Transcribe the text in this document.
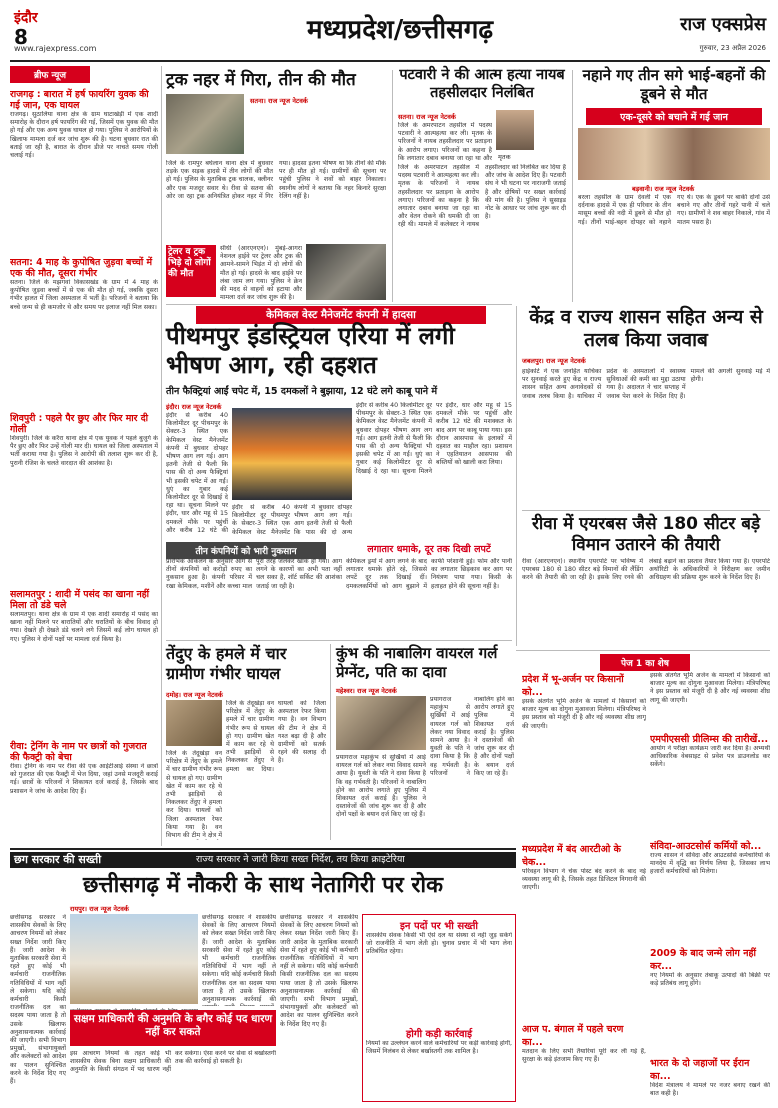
इंदौर
8
www.rajexpress.com
मध्यप्रदेश/छत्तीसगढ़	राज एक्सप्रेस
गुरुवार, 23 अप्रैल 2026
ब्रीफ न्यूज
राजगढ़ : बारात में हर्ष फायरिंग युवक की गई जान, एक घायल
राजगढ़। सुठालिया थाना क्षेत्र के ग्राम घाटाखेड़ी में एक शादी समारोह के दौरान हर्ष फायरिंग की गई, जिसमें एक युवक की मौत हो गई और एक अन्य युवक घायल हो गया। पुलिस ने आरोपियों के खिलाफ मामला दर्ज कर जांच शुरू की है। घटना बुधवार रात की बताई जा रही है, बारात के दौरान डीजे पर नाचते समय गोली चलाई गई।
सतना: 4 माह के कुपोषित जुड़वा बच्चों में एक की मौत, दूसरा गंभीर
सतना। जिले के मझगवां विकासखंड के ग्राम में 4 माह के कुपोषित जुड़वा बच्चों में से एक की मौत हो गई, जबकि दूसरा गंभीर हालत में जिला अस्पताल में भर्ती है। परिजनों ने बताया कि बच्चे जन्म से ही कमजोर थे और समय पर इलाज नहीं मिल सका।
शिवपुरी : पहले पैर छुए और फिर मार दी गोली
शिवपुरी। जिले के करैरा थाना क्षेत्र में एक युवक ने पहले बुजुर्ग के पैर छुए और फिर उन्हें गोली मार दी। घायल को जिला अस्पताल में भर्ती कराया गया है। पुलिस ने आरोपी की तलाश शुरू कर दी है, पुरानी रंजिश के चलते वारदात की आशंका है।
सलामतपुर : शादी में पसंद का खाना नहीं मिला तो डंडे चले
सलामतपुर। थाना क्षेत्र के ग्राम में एक शादी समारोह में पसंद का खाना नहीं मिलने पर बारातियों और घरातियों के बीच विवाद हो गया। देखते ही देखते डंडे चलने लगे जिसमें कई लोग घायल हो गए। पुलिस ने दोनों पक्षों पर मामला दर्ज किया है।
रीवा: ट्रेनिंग के नाम पर छात्रों को गुजरात की फैक्ट्री को बेचा
रीवा। ट्रेनिंग के नाम पर रीवा की एक आईटीआई संस्था ने छात्रों को गुजरात की एक फैक्ट्री में भेज दिया, जहां उनसे मजदूरी कराई गई। छात्रों के परिजनों ने शिकायत दर्ज कराई है, जिसके बाद प्रशासन ने जांच के आदेश दिए हैं।
ट्रक नहर में गिरा, तीन की मौत
सतना। राज न्यूज नेटवर्क
जिले के रामपुर बघेलान थाना क्षेत्र में बुधवार तड़के एक सड़क हादसे में तीन लोगों की मौत हो गई। पुलिस के मुताबिक ट्रक चालक, क्लीनर और एक मजदूर सवार थे। रीवा से सतना की ओर जा रहा ट्रक अनियंत्रित होकर नहर में गिर गया। हादसा इतना भीषण था कि तीनों की मौके पर ही मौत हो गई। ग्रामीणों की सूचना पर पहुंची पुलिस ने शवों को बाहर निकाला। स्थानीय लोगों ने बताया कि नहर किनारे सुरक्षा रेलिंग नहीं है।
ट्रेलर व ट्रक भिड़े दो लोगों की मौत
सीधी (आरएनएन)। मुंबई-आगरा नेशनल हाईवे पर ट्रेलर और ट्रक की आमने-सामने भिड़ंत में दो लोगों की मौत हो गई। हादसे के बाद हाईवे पर लंबा जाम लग गया। पुलिस ने क्रेन की मदद से वाहनों को हटाया और मामला दर्ज कर जांच शुरू की है।
पटवारी ने की आत्म हत्या नायब तहसीलदार निलंबित
सतना। राज न्यूज नेटवर्क
मृतक
जिले के अमरपाटन तहसील में पदस्थ पटवारी ने आत्महत्या कर ली। मृतक के परिजनों ने नायब तहसीलदार पर प्रताड़ना के आरोप लगाए। परिजनों का कहना है कि लगातार दबाव बनाया जा रहा था और
जिले के अमरपाटन तहसील में पदस्थ पटवारी ने आत्महत्या कर ली। मृतक के परिजनों ने नायब तहसीलदार पर प्रताड़ना के आरोप लगाए। परिजनों का कहना है कि लगातार दबाव बनाया जा रहा था और वेतन रोकने की धमकी दी जा रही थी। मामले में कलेक्टर ने नायब तहसीलदार को निलंबित कर दिया है और जांच के आदेश दिए हैं। पटवारी संघ ने भी घटना पर नाराजगी जताई है और दोषियों पर सख्त कार्रवाई की मांग की है। पुलिस ने सुसाइड नोट के आधार पर जांच शुरू कर दी है।
नहाने गए तीन सगे भाई-बहनों की डूबने से मौत
एक-दूसरे को बचाने में गई जान
बड़वानी। राज न्यूज नेटवर्क
बरला तहसील के ग्राम देवली में एक दर्दनाक हादसे में एक ही परिवार के तीन मासूम बच्चों की नदी में डूबने से मौत हो गई। तीनों भाई-बहन दोपहर को नहाने गए थे। एक के डूबने पर बाकी दोनों उसे बचाने गए और तीनों गहरे पानी में चले गए। ग्रामीणों ने शव बाहर निकाले, गांव में मातम पसरा है।
केमिकल वेस्ट मैनेजमेंट कंपनी में हादसा
पीथमपुर इंडस्ट्रियल एरिया में लगी भीषण आग, रही दहशत
तीन फैक्ट्रियां आईं चपेट में, 15 दमकलों ने बुझाया, 12 घंटे लगे काबू पाने में
इंदौर। राज न्यूज नेटवर्क
इंदौर से करीब 40 किलोमीटर दूर पीथमपुर के सेक्टर-3 स्थित एक केमिकल वेस्ट मैनेजमेंट कंपनी में बुधवार दोपहर भीषण आग लग गई। आग इतनी तेजी से फैली कि पास की दो अन्य फैक्ट्रियां भी इसकी चपेट में आ गईं। धुएं का गुबार कई किलोमीटर दूर से दिखाई दे रहा था। सूचना मिलने पर इंदौर, धार और महू से 15 दमकलें मौके पर पहुंचीं और करीब 12 घंटे की
इंदौर से करीब 40 किलोमीटर दूर पीथमपुर के सेक्टर-3 स्थित एक केमिकल वेस्ट मैनेजमेंट कंपनी में बुधवार दोपहर भीषण आग लग गई। आग इतनी तेजी से फैली कि पास की दो अन्य
इंदौर से करीब 40 किलोमीटर दूर पीथमपुर के सेक्टर-3 स्थित एक केमिकल वेस्ट मैनेजमेंट कंपनी में बुधवार दोपहर भीषण आग लग गई। आग इतनी तेजी से फैली कि पास की दो अन्य फैक्ट्रियां भी इसकी चपेट में आ गईं। धुएं का गुबार कई किलोमीटर दूर से दिखाई दे रहा था। सूचना मिलने पर इंदौर, धार और महू से 15 दमकलें मौके पर पहुंचीं और करीब 12 घंटे की मशक्कत के बाद आग पर काबू पाया गया। इस दौरान आसपास के इलाकों में दहशत का माहौल रहा। प्रशासन ने एहतियातन आसपास की बस्तियों को खाली करा लिया।
तीन कंपनियों को भारी नुकसान
प्रारंभिक आंकलन के अनुसार आग से तीनों कंपनियों को करोड़ों रुपए का नुकसान हुआ है। कंपनी परिसर में रखा केमिकल, मशीनें और कच्चा माल पूरी तरह जलकर खाक हो गया। आग लगने के कारणों का अभी पता नहीं चल सका है, शॉर्ट सर्किट की आशंका जताई जा रही है।
लगातार धमाके, दूर तक दिखी लपटें
केमिकल ड्रमों में आग लगने के बाद लगातार धमाके होते रहे, जिससे लपटें दूर तक दिखाई दीं। दमकलकर्मियों को आग बुझाने में काफी परेशानी हुई। फोम और पानी का लगातार छिड़काव कर आग पर नियंत्रण पाया गया। किसी के हताहत होने की सूचना नहीं है।
केंद्र व राज्य शासन सहित अन्य से तलब किया जवाब
जबलपुर। राज न्यूज नेटवर्क
हाईकोर्ट ने एक जनहित याचिका पर सुनवाई करते हुए केंद्र व राज्य शासन सहित अन्य अनावेदकों से जवाब तलब किया है। याचिका में प्रदेश के अस्पतालों में स्वास्थ्य सुविधाओं की कमी का मुद्दा उठाया गया है। अदालत ने चार सप्ताह में जवाब पेश करने के निर्देश दिए हैं। मामले की अगली सुनवाई मई में होगी।
रीवा में एयरबस जैसे 180 सीटर बड़े विमान उतारने की तैयारी
रीवा (आरएनएन)। स्थानीय एयरपोर्ट पर भविष्य में एयरबस 180 से 180 सीटर बड़े विमानों की लैंडिंग करने की तैयारी की जा रही है। इसके लिए रनवे की लंबाई बढ़ाने का प्रस्ताव तैयार किया गया है। एयरपोर्ट अथॉरिटी के अधिकारियों ने निरीक्षण कर जमीन अधिग्रहण की प्रक्रिया शुरू करने के निर्देश दिए हैं।
तेंदुए के हमले में चार ग्रामीण गंभीर घायल
दमोह। राज न्यूज नेटवर्क
जिले के तेंदूखेड़ा वन परिक्षेत्र में तेंदुए के हमले में चार ग्रामीण गंभीर रूप से घायल हो गए। ग्रामीण खेत में काम कर रहे थे तभी झाड़ियों से निकलकर तेंदुए ने हमला कर दिया। घायलों को जिला अस्पताल रेफर किया गया है। वन विभाग की टीम ने क्षेत्र में गश्त बढ़ा दी है और ग्रामीणों को सतर्क रहने की सलाह दी है।
जिले के तेंदूखेड़ा वन परिक्षेत्र में तेंदुए के हमले में चार ग्रामीण गंभीर रूप से घायल हो गए। ग्रामीण खेत में काम कर रहे थे तभी झाड़ियों से निकलकर तेंदुए ने हमला कर दिया। घायलों को जिला अस्पताल रेफर किया गया है। वन विभाग की टीम ने क्षेत्र में
कुंभ की नाबालिग वायरल गर्ल प्रेग्नेंट, पति का दावा
महेश्वर। राज न्यूज नेटवर्क
प्रयागराज महाकुंभ से सुर्खियों में आई वायरल गर्ल को लेकर नया विवाद सामने आया है। युवती के पति ने दावा किया है कि वह गर्भवती है। परिजनों ने नाबालिग होने का आरोप लगाते हुए पुलिस में शिकायत दर्ज कराई है। पुलिस ने दस्तावेजों की जांच शुरू कर दी है और दोनों पक्षों के बयान दर्ज किए जा रहे हैं।
प्रयागराज महाकुंभ से सुर्खियों में आई वायरल गर्ल को लेकर नया विवाद सामने आया है। युवती के पति ने दावा किया है कि वह गर्भवती है। परिजनों ने नाबालिग होने का आरोप लगाते हुए पुलिस में शिकायत दर्ज कराई है। पुलिस ने दस्तावेजों की जांच शुरू कर दी है और दोनों पक्षों के बयान दर्ज किए जा रहे हैं।
पेज 1 का शेष
प्रदेश में भू-अर्जन पर किसानों को...
इसके अंतर्गत भूमि अर्जन के मामलों में किसानों को बाजार मूल्य का दोगुना मुआवजा मिलेगा। मंत्रिपरिषद ने इस प्रस्ताव को मंजूरी दी है और नई व्यवस्था शीघ्र लागू की जाएगी।
मध्यप्रदेश में बंद आरटीओ के चेक...
परिवहन विभाग ने चेक पोस्ट बंद करने के बाद नई व्यवस्था लागू की है, जिसके तहत डिजिटल निगरानी की जाएगी।
आज प. बंगाल में पहले चरण का...
मतदान के लिए सभी तैयारियां पूरी कर ली गई हैं, सुरक्षा के कड़े इंतजाम किए गए हैं।
इसके अंतर्गत भूमि अर्जन के मामलों में किसानों को बाजार मूल्य का दोगुना मुआवजा मिलेगा। मंत्रिपरिषद ने इस प्रस्ताव को मंजूरी दी है और नई व्यवस्था शीघ्र लागू की जाएगी।
एमपीएससी प्रीलिम्स की तारीखें...
आयोग ने परीक्षा कार्यक्रम जारी कर दिया है। अभ्यर्थी आधिकारिक वेबसाइट से प्रवेश पत्र डाउनलोड कर सकेंगे।
संविदा-आउटसोर्स कर्मियों को...
राज्य शासन ने संविदा और आउटसोर्स कर्मचारियों के मानदेय में वृद्धि का निर्णय लिया है, जिसका लाभ हजारों कर्मचारियों को मिलेगा।
2009 के बाद जन्मे लोग नहीं कर...
नए नियमों के अनुसार तंबाकू उत्पादों की बिक्री पर कड़े प्रतिबंध लागू होंगे।
भारत के दो जहाजों पर ईरान का...
विदेश मंत्रालय ने मामले पर नजर बनाए रखने की बात कही है।
छग सरकार की सख्ती	राज्य सरकार ने जारी किया सख्त निर्देश, तय किया क्राइटेरिया
छत्तीसगढ़ में नौकरी के साथ नेतागिरी पर रोक
रायपुर। राज न्यूज नेटवर्क
छत्तीसगढ़ सरकार ने शासकीय सेवकों के लिए आचरण नियमों को लेकर सख्त निर्देश जारी किए हैं। जारी आदेश के मुताबिक सरकारी सेवा में रहते हुए कोई भी कर्मचारी राजनीतिक गतिविधियों में भाग नहीं ले सकेगा। यदि कोई कर्मचारी किसी राजनीतिक दल का सदस्य पाया जाता है तो उसके खिलाफ अनुशासनात्मक कार्रवाई की जाएगी। सभी विभाग प्रमुखों, संभागायुक्तों और कलेक्टरों को आदेश का पालन सुनिश्चित करने के निर्देश दिए गए हैं।
सक्षम प्राधिकारी की अनुमति के बगैर कोई पद धारण नहीं कर सकते
इस आचरण नियमों के तहत कोई भी शासकीय सेवक बिना सक्षम प्राधिकारी की अनुमति के किसी संगठन में पद धारण नहीं कर सकेगा। ऐसा करने पर सेवा से बर्खास्तगी तक की कार्रवाई हो सकती है।
छत्तीसगढ़ सरकार ने शासकीय सेवकों के लिए आचरण नियमों को लेकर सख्त निर्देश जारी किए हैं। जारी आदेश के मुताबिक सरकारी सेवा में रहते हुए कोई भी कर्मचारी राजनीतिक गतिविधियों में भाग नहीं ले सकेगा। यदि कोई कर्मचारी किसी राजनीतिक दल का सदस्य पाया जाता है तो उसके खिलाफ अनुशासनात्मक कार्रवाई की
छत्तीसगढ़ सरकार ने शासकीय सेवकों के लिए आचरण नियमों को लेकर सख्त निर्देश जारी किए हैं। जारी आदेश के मुताबिक सरकारी सेवा में रहते हुए कोई भी कर्मचारी राजनीतिक गतिविधियों में भाग नहीं ले सकेगा। यदि कोई कर्मचारी किसी राजनीतिक दल का सदस्य पाया जाता है तो उसके खिलाफ अनुशासनात्मक कार्रवाई की जाएगी। सभी विभाग प्रमुखों, संभागायुक्तों और कलेक्टरों को आदेश का पालन सुनिश्चित करने के निर्देश दिए गए हैं।
इन पदों पर भी सख्ती
शासकीय सेवक किसी भी ऐसे दल या संस्था से नहीं जुड़ सकेंगे जो राजनीति में भाग लेती हो। चुनाव प्रचार में भी भाग लेना प्रतिबंधित रहेगा।
होगी कड़ी कार्रवाई
नियमों का उल्लंघन करने वाले कर्मचारियों पर कड़ी कार्रवाई होगी, जिसमें निलंबन से लेकर बर्खास्तगी तक शामिल है।
